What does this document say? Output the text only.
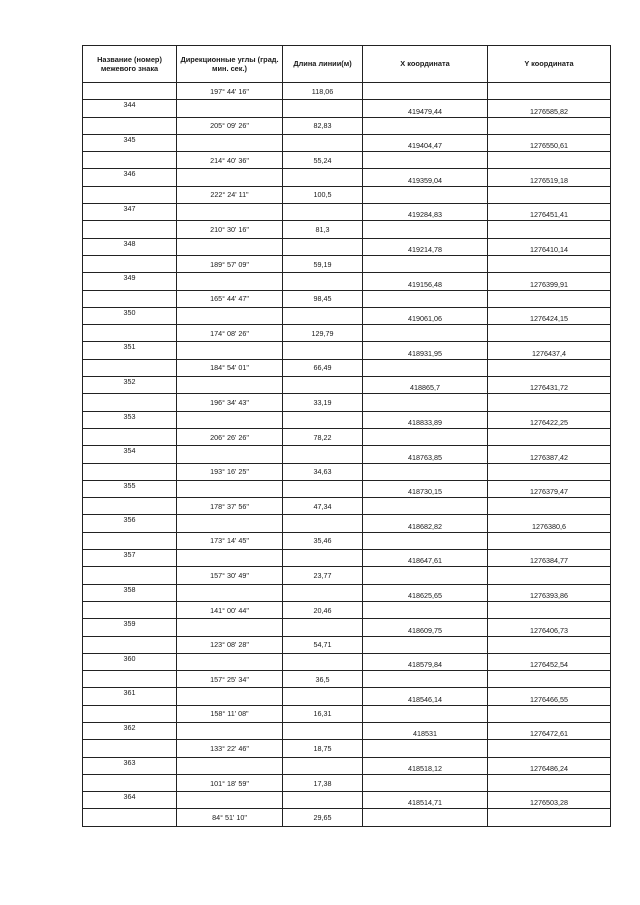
Название (номер) межевого знака	Дирекционные углы (град. мин. сек.)	Длина линии(м)	X координата	Y координата
	197° 44' 16"	118,06		
344			419479,44	1276585,82
	205° 09' 26"	82,83		
345			419404,47	1276550,61
	214° 40' 36"	55,24		
346			419359,04	1276519,18
	222° 24' 11"	100,5		
347			419284,83	1276451,41
	210° 30' 16"	81,3		
348			419214,78	1276410,14
	189° 57' 09"	59,19		
349			419156,48	1276399,91
	165° 44' 47"	98,45		
350			419061,06	1276424,15
	174° 08' 26"	129,79		
351			418931,95	1276437,4
	184° 54' 01"	66,49		
352			418865,7	1276431,72
	196° 34' 43"	33,19		
353			418833,89	1276422,25
	206° 26' 26"	78,22		
354			418763,85	1276387,42
	193° 16' 25"	34,63		
355			418730,15	1276379,47
	178° 37' 56"	47,34		
356			418682,82	1276380,6
	173° 14' 45"	35,46		
357			418647,61	1276384,77
	157° 30' 49"	23,77		
358			418625,65	1276393,86
	141° 00' 44"	20,46		
359			418609,75	1276406,73
	123° 08' 28"	54,71		
360			418579,84	1276452,54
	157° 25' 34"	36,5		
361			418546,14	1276466,55
	158° 11' 08"	16,31		
362			418531	1276472,61
	133° 22' 46"	18,75		
363			418518,12	1276486,24
	101° 18' 59"	17,38		
364			418514,71	1276503,28
	84° 51' 10"	29,65		
